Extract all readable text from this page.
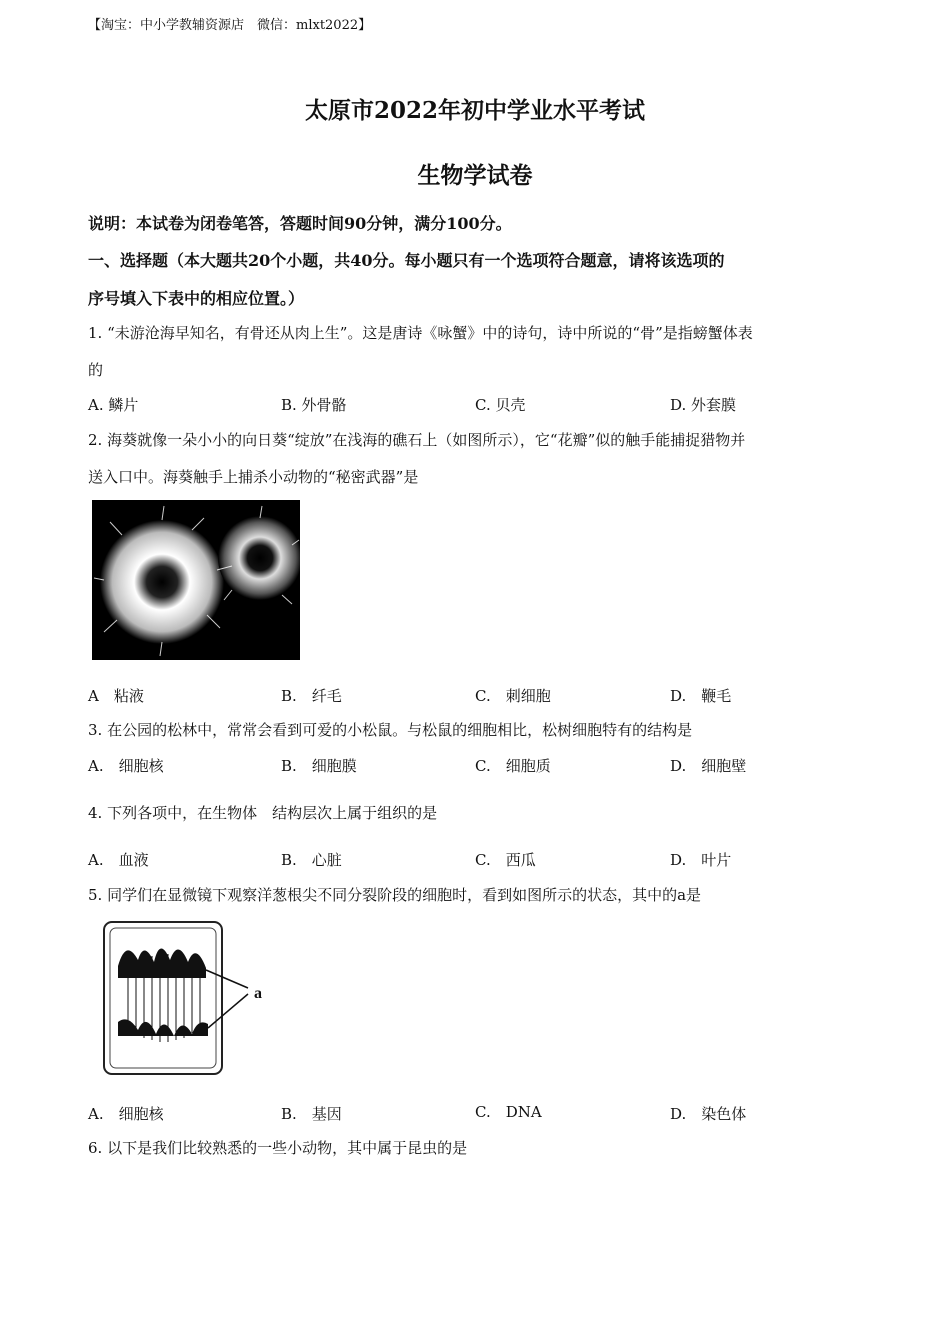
【淘宝：中小学教辅资源店　微信：mlxt2022】
太原市2022年初中学业水平考试
生物学试卷
说明：本试卷为闭卷笔答，答题时间90分钟，满分100分。
一、选择题（本大题共20个小题，共40分。每小题只有一个选项符合题意，请将该选项的
序号填入下表中的相应位置。）
1. “未游沧海早知名，有骨还从肉上生”。这是唐诗《咏蟹》中的诗句，诗中所说的“骨”是指螃蟹体表
的
A. 鳞片	B. 外骨骼	C. 贝壳	D. 外套膜
2. 海葵就像一朵小小的向日葵“绽放”在浅海的礁石上（如图所示），它“花瓣”似的触手能捕捉猎物并
送入口中。海葵触手上捕杀小动物的“秘密武器”是
A　粘液	B.　纤毛	C.　刺细胞	D.　鞭毛
3. 在公园的松林中，常常会看到可爱的小松鼠。与松鼠的细胞相比，松树细胞特有的结构是
A.　细胞核	B.　细胞膜	C.　细胞质	D.　细胞壁
4. 下列各项中，在生物体　结构层次上属于组织的是
A.　血液	B.　心脏	C.　西瓜	D.　叶片
5. 同学们在显微镜下观察洋葱根尖不同分裂阶段的细胞时，看到如图所示的状态，其中的a是
a
A.　细胞核	B.　基因	C.　DNA	D.　染色体
6. 以下是我们比较熟悉的一些小动物，其中属于昆虫的是
